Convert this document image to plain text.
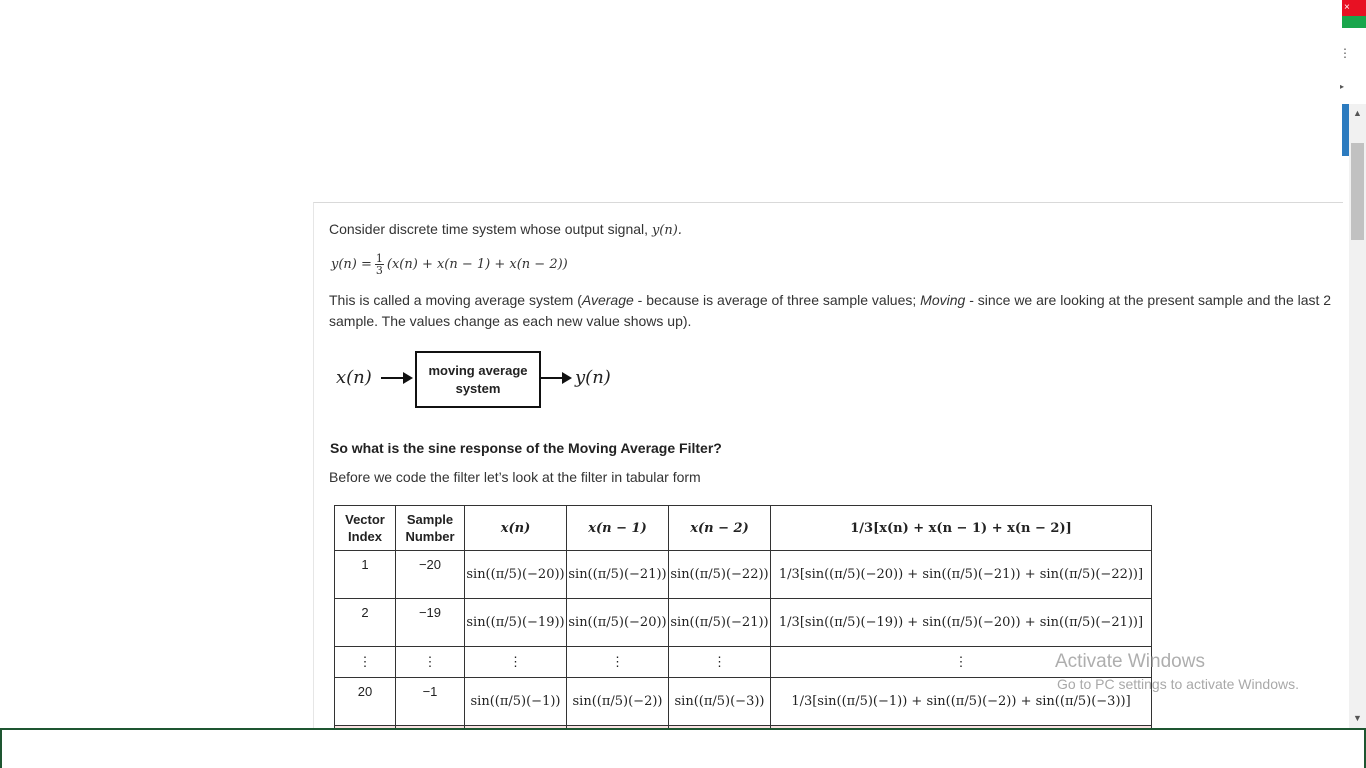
Consider discrete time system whose output signal, y(n).

$y(n) = \frac{1}{3} (x(n) + x(n - 1) + x(n - 2))$

This is called a moving average system (Average - because is average of three sample values; Moving - since we are looking at the present sample and the last 2 sample. The values change as each new value shows up).

x(n)	moving average
system	y(n)

So what is the sine response of the Moving Average Filter?

Before we code the filter let’s look at the filter in tabular form

Vector Index	Sample Number	x(n)	x(n − 1)	x(n − 2)	1/3[x(n) + x(n − 1) + x(n − 2)]
1	−20	sin((π/5)(−20))	sin((π/5)(−21))	sin((π/5)(−22))	1/3[sin((π/5)(−20)) + sin((π/5)(−21)) + sin((π/5)(−22))]
2	−19	sin((π/5)(−19))	sin((π/5)(−20))	sin((π/5)(−21))	1/3[sin((π/5)(−19)) + sin((π/5)(−20)) + sin((π/5)(−21))]
⋮	⋮	⋮	⋮	⋮	⋮
20	−1	sin((π/5)(−1))	sin((π/5)(−2))	sin((π/5)(−3))	1/3[sin((π/5)(−1)) + sin((π/5)(−2)) + sin((π/5)(−3))]

Activate Windows
Go to PC settings to activate Windows.
×
⋮
▸
▲
▼
